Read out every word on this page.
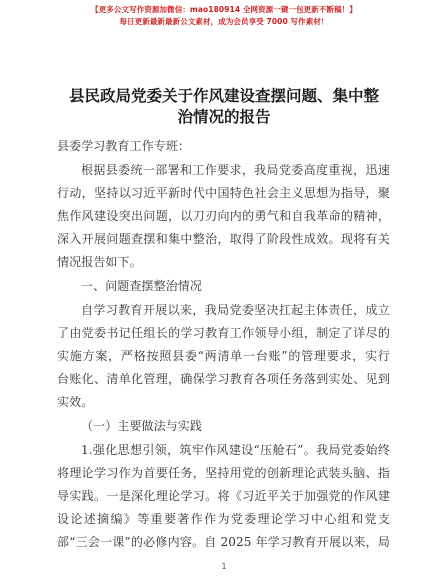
【更多公文写作资源加微信：mao180914 全网资源一键一包更新不断稿！】
每日更新最新最新公文素材，成为会员享受 7000 写作素材！
县民政局党委关于作风建设查摆问题、集中整
治情况的报告
县委学习教育工作专班：
根据县委统一部署和工作要求，我局党委高度重视，迅速
行动，坚持以习近平新时代中国特色社会主义思想为指导，聚
焦作风建设突出问题，以刀刃向内的勇气和自我革命的精神，
深入开展问题查摆和集中整治，取得了阶段性成效。现将有关
情况报告如下。
一、问题查摆整治情况
自学习教育开展以来，我局党委坚决扛起主体责任，成立
了由党委书记任组长的学习教育工作领导小组，制定了详尽的
实施方案，严格按照县委“两清单一台账”的管理要求，实行
台账化、清单化管理，确保学习教育各项任务落到实处、见到
实效。
（一）主要做法与实践
1.强化思想引领，筑牢作风建设“压舱石”。我局党委始终
将理论学习作为首要任务，坚持用党的创新理论武装头脑、指
导实践。一是深化理论学习。将《习近平关于加强党的作风建
设论述摘编》等重要著作作为党委理论学习中心组和党支
部“三会一课”的必修内容。自 2025 年学习教育开展以来，局
1
